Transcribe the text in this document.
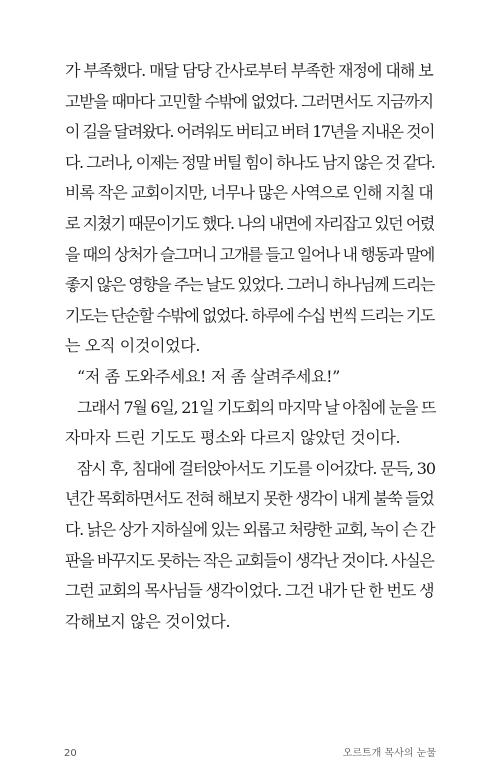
가 부족했다. 매달 담당 간사로부터 부족한 재정에 대해 보
고받을 때마다 고민할 수밖에 없었다. 그러면서도 지금까지
이 길을 달려왔다. 어려워도 버티고 버텨 17년을 지내온 것이
다. 그러나, 이제는 정말 버틸 힘이 하나도 남지 않은 것 같다.
비록 작은 교회이지만, 너무나 많은 사역으로 인해 지칠 대
로 지쳤기 때문이기도 했다. 나의 내면에 자리잡고 있던 어렸
을 때의 상처가 슬그머니 고개를 들고 일어나 내 행동과 말에
좋지 않은 영향을 주는 날도 있었다. 그러니 하나님께 드리는
기도는 단순할 수밖에 없었다. 하루에 수십 번씩 드리는 기도
는 오직 이것이었다.
“저 좀 도와주세요! 저 좀 살려주세요!”
그래서 7월 6일, 21일 기도회의 마지막 날 아침에 눈을 뜨
자마자 드린 기도도 평소와 다르지 않았던 것이다.
잠시 후, 침대에 걸터앉아서도 기도를 이어갔다. 문득, 30
년간 목회하면서도 전혀 해보지 못한 생각이 내게 불쑥 들었
다. 낡은 상가 지하실에 있는 외롭고 처량한 교회, 녹이 슨 간
판을 바꾸지도 못하는 작은 교회들이 생각난 것이다. 사실은
그런 교회의 목사님들 생각이었다. 그건 내가 단 한 번도 생
각해보지 않은 것이었다.
20	오르트개 목사의 눈물
